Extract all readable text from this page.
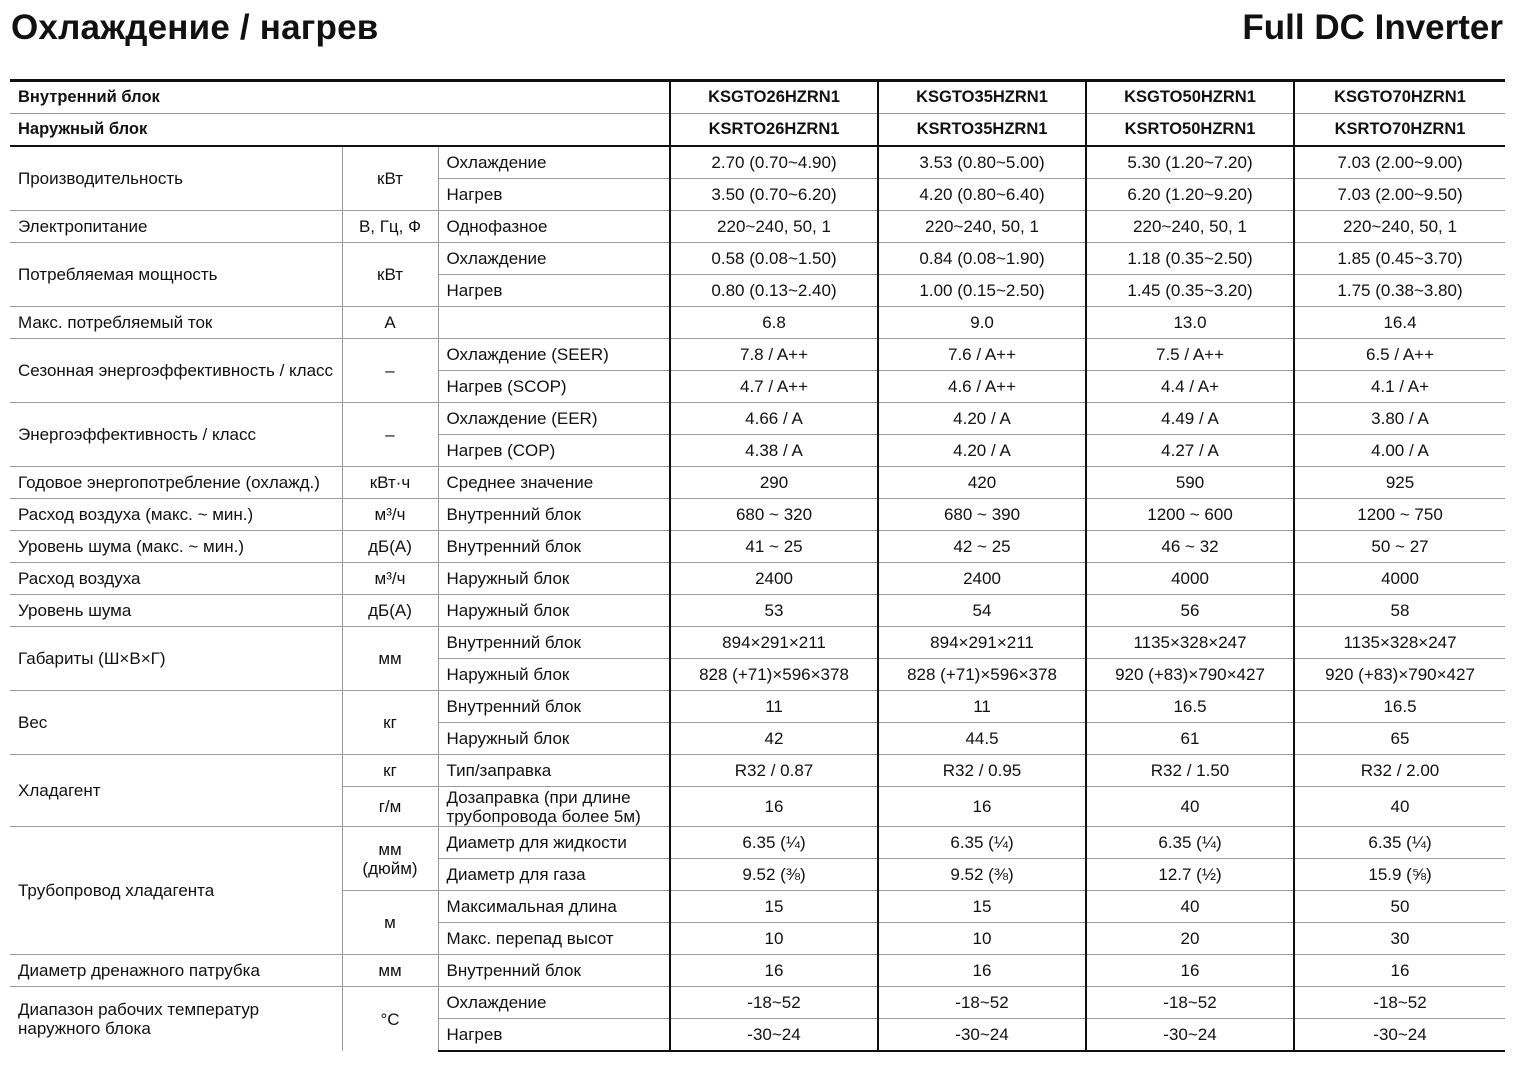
Охлаждение / нагрев	Full DC Inverter
Внутренний блок			KSGTO26HZRN1	KSGTO35HZRN1	KSGTO50HZRN1	KSGTO70HZRN1
Наружный блок			KSRTO26HZRN1	KSRTO35HZRN1	KSRTO50HZRN1	KSRTO70HZRN1
Производительность	кВт	Охлаждение	2.70 (0.70~4.90)	3.53 (0.80~5.00)	5.30 (1.20~7.20)	7.03 (2.00~9.00)
		Нагрев	3.50 (0.70~6.20)	4.20 (0.80~6.40)	6.20 (1.20~9.20)	7.03 (2.00~9.50)
Электропитание	В, Гц, Ф	Однофазное	220~240, 50, 1	220~240, 50, 1	220~240, 50, 1	220~240, 50, 1
Потребляемая мощность	кВт	Охлаждение	0.58 (0.08~1.50)	0.84 (0.08~1.90)	1.18 (0.35~2.50)	1.85 (0.45~3.70)
		Нагрев	0.80 (0.13~2.40)	1.00 (0.15~2.50)	1.45 (0.35~3.20)	1.75 (0.38~3.80)
Макс. потребляемый ток	А		6.8	9.0	13.0	16.4
Сезонная энергоэффективность / класс	–	Охлаждение (SEER)	7.8 / A++	7.6 / A++	7.5 / A++	6.5 / A++
		Нагрев (SCOP)	4.7 / A++	4.6 / A++	4.4 / A+	4.1 / A+
Энергоэффективность / класс	–	Охлаждение (EER)	4.66 / A	4.20 / A	4.49 / A	3.80 / A
		Нагрев (COP)	4.38 / A	4.20 / A	4.27 / A	4.00 / A
Годовое энергопотребление (охлажд.)	кВт·ч	Среднее значение	290	420	590	925
Расход воздуха (макс. ~ мин.)	м³/ч	Внутренний блок	680 ~ 320	680 ~ 390	1200 ~ 600	1200 ~ 750
Уровень шума (макс. ~ мин.)	дБ(А)	Внутренний блок	41 ~ 25	42 ~ 25	46 ~ 32	50 ~ 27
Расход воздуха	м³/ч	Наружный блок	2400	2400	4000	4000
Уровень шума	дБ(А)	Наружный блок	53	54	56	58
Габариты (Ш×В×Г)	мм	Внутренний блок	894×291×211	894×291×211	1135×328×247	1135×328×247
		Наружный блок	828 (+71)×596×378	828 (+71)×596×378	920 (+83)×790×427	920 (+83)×790×427
Вес	кг	Внутренний блок	11	11	16.5	16.5
		Наружный блок	42	44.5	61	65
Хладагент	кг	Тип/заправка	R32 / 0.87	R32 / 0.95	R32 / 1.50	R32 / 2.00
	г/м	Дозаправка (при длине трубопровода более 5м)	16	16	40	40
Трубопровод хладагента	мм (дюйм)	Диаметр для жидкости	6.35 (¼)	6.35 (¼)	6.35 (¼)	6.35 (¼)
		Диаметр для газа	9.52 (⅜)	9.52 (⅜)	12.7 (½)	15.9 (⅝)
	м	Максимальная длина	15	15	40	50
		Макс. перепад высот	10	10	20	30
Диаметр дренажного патрубка	мм	Внутренний блок	16	16	16	16
Диапазон рабочих температур наружного блока	°C	Охлаждение	-18~52	-18~52	-18~52	-18~52
		Нагрев	-30~24	-30~24	-30~24	-30~24
